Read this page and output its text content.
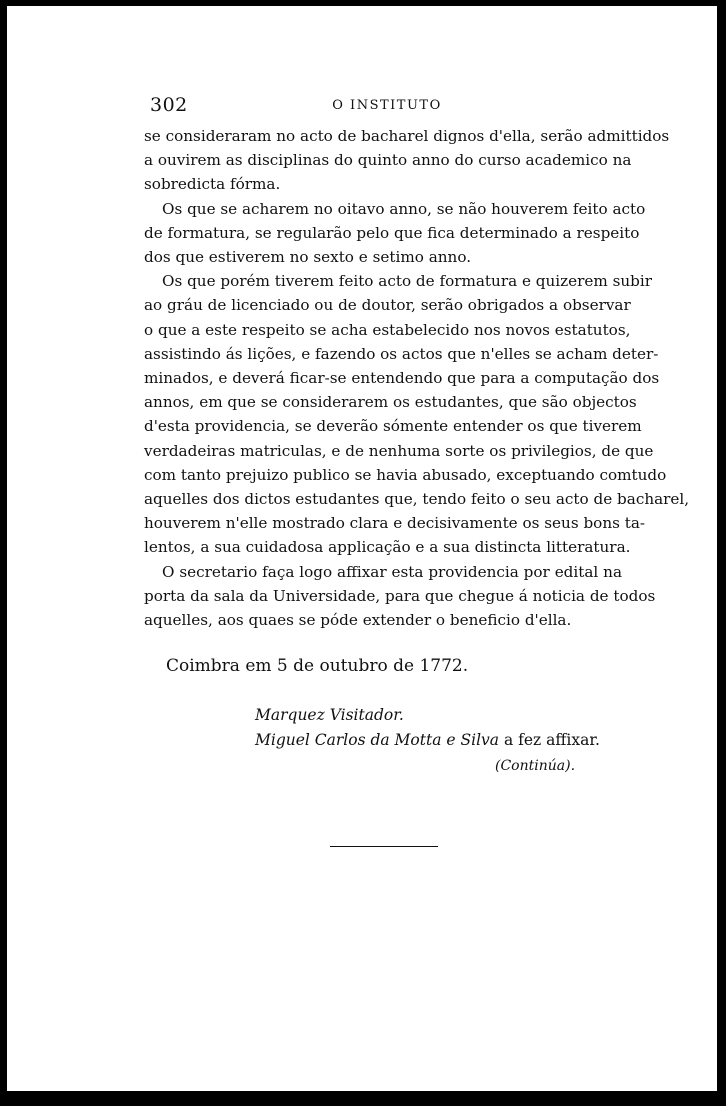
302	O INSTITUTO

se consideraram no acto de bacharel dignos d'ella, serão admittidos
a ouvirem as disciplinas do quinto anno do curso academico na
sobredicta fórma.

Os que se acharem no oitavo anno, se não houverem feito acto
de formatura, se regularão pelo que fica determinado a respeito
dos que estiverem no sexto e setimo anno.

Os que porém tiverem feito acto de formatura e quizerem subir
ao gráu de licenciado ou de doutor, serão obrigados a observar
o que a este respeito se acha estabelecido nos novos estatutos,
assistindo ás lições, e fazendo os actos que n'elles se acham deter-
minados, e deverá ficar-se entendendo que para a computação dos
annos, em que se considerarem os estudantes, que são objectos
d'esta providencia, se deverão sómente entender os que tiverem
verdadeiras matriculas, e de nenhuma sorte os privilegios, de que
com tanto prejuizo publico se havia abusado, exceptuando comtudo
aquelles dos dictos estudantes que, tendo feito o seu acto de bacharel,
houverem n'elle mostrado clara e decisivamente os seus bons ta-
lentos, a sua cuidadosa applicação e a sua distincta litteratura.

O secretario faça logo affixar esta providencia por edital na
porta da sala da Universidade, para que chegue á noticia de todos
aquelles, aos quaes se póde extender o beneficio d'ella.

Coimbra em 5 de outubro de 1772.
Marquez Visitador.
Miguel Carlos da Motta e Silva a fez affixar.
(Continúa).
